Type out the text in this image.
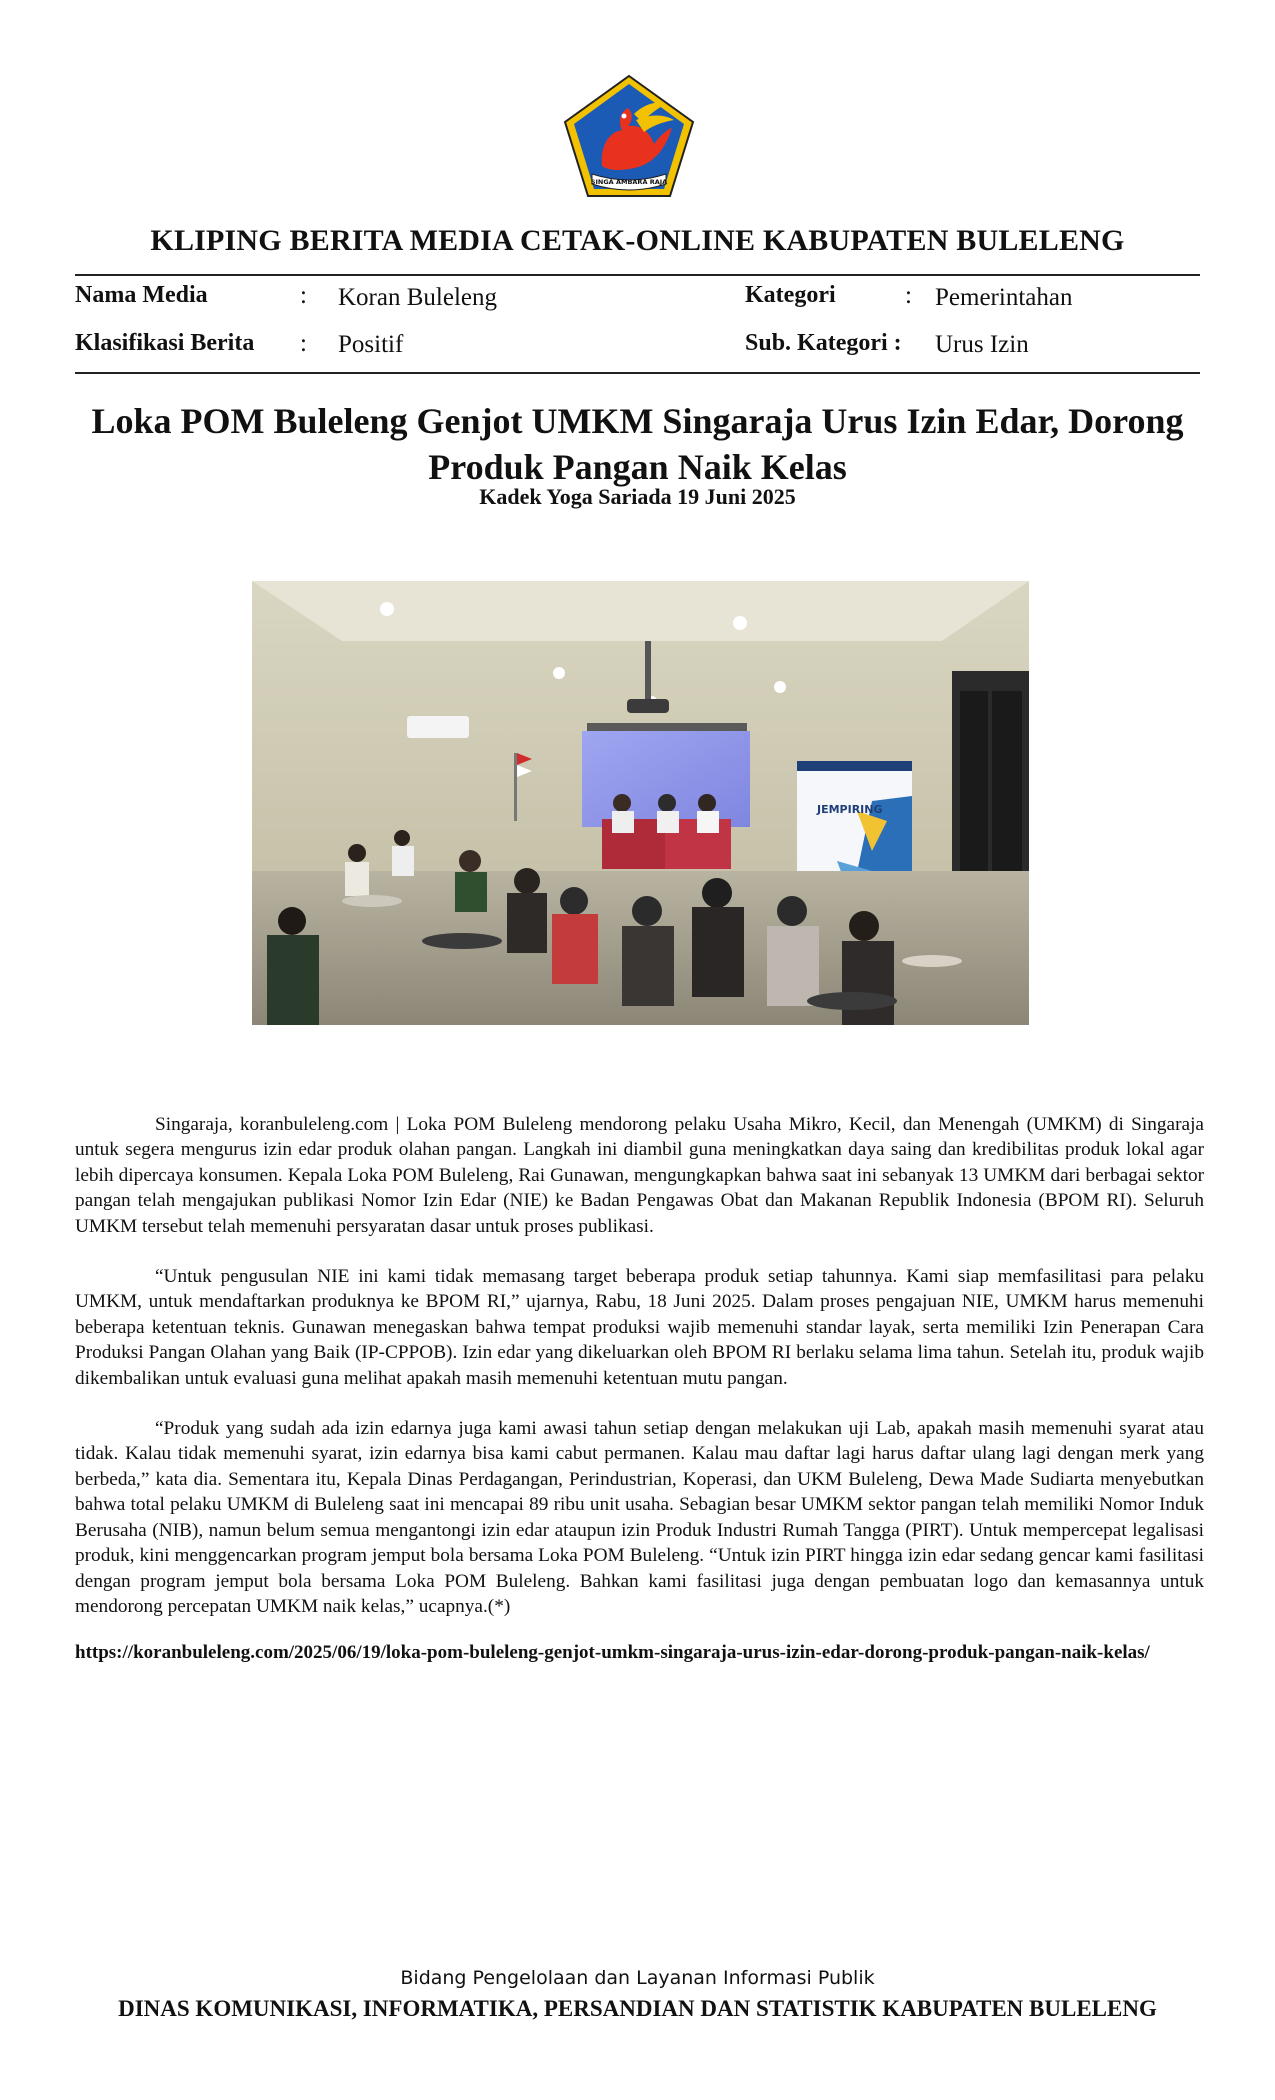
SINGA AMBARA RAJA
KLIPING BERITA MEDIA CETAK-ONLINE KABUPATEN BULELENG
Nama Media	: Koran Buleleng	Kategori	: Pemerintahan
Klasifikasi Berita : Positif	Sub. Kategori : Urus Izin
Loka POM Buleleng Genjot UMKM Singaraja Urus Izin Edar, Dorong
Produk Pangan Naik Kelas
Kadek Yoga Sariada 19 Juni 2025
JEMPIRING

Singaraja, koranbuleleng.com | Loka POM Buleleng mendorong pelaku Usaha Mikro, Kecil, dan Menengah (UMKM) di Singaraja untuk segera mengurus izin edar produk olahan pangan. Langkah ini diambil guna meningkatkan daya saing dan kredibilitas produk lokal agar lebih dipercaya konsumen. Kepala Loka POM Buleleng, Rai Gunawan, mengungkapkan bahwa saat ini sebanyak 13 UMKM dari berbagai sektor pangan telah mengajukan publikasi Nomor Izin Edar (NIE) ke Badan Pengawas Obat dan Makanan Republik Indonesia (BPOM RI). Seluruh UMKM tersebut telah memenuhi persyaratan dasar untuk proses publikasi.

“Untuk pengusulan NIE ini kami tidak memasang target beberapa produk setiap tahunnya. Kami siap memfasilitasi para pelaku UMKM, untuk mendaftarkan produknya ke BPOM RI,” ujarnya, Rabu, 18 Juni 2025. Dalam proses pengajuan NIE, UMKM harus memenuhi beberapa ketentuan teknis. Gunawan menegaskan bahwa tempat produksi wajib memenuhi standar layak, serta memiliki Izin Penerapan Cara Produksi Pangan Olahan yang Baik (IP-CPPOB). Izin edar yang dikeluarkan oleh BPOM RI berlaku selama lima tahun. Setelah itu, produk wajib dikembalikan untuk evaluasi guna melihat apakah masih memenuhi ketentuan mutu pangan.

“Produk yang sudah ada izin edarnya juga kami awasi tahun setiap dengan melakukan uji Lab, apakah masih memenuhi syarat atau tidak. Kalau tidak memenuhi syarat, izin edarnya bisa kami cabut permanen. Kalau mau daftar lagi harus daftar ulang lagi dengan merk yang berbeda,” kata dia. Sementara itu, Kepala Dinas Perdagangan, Perindustrian, Koperasi, dan UKM Buleleng, Dewa Made Sudiarta menyebutkan bahwa total pelaku UMKM di Buleleng saat ini mencapai 89 ribu unit usaha. Sebagian besar UMKM sektor pangan telah memiliki Nomor Induk Berusaha (NIB), namun belum semua mengantongi izin edar ataupun izin Produk Industri Rumah Tangga (PIRT). Untuk mempercepat legalisasi produk, kini menggencarkan program jemput bola bersama Loka POM Buleleng. “Untuk izin PIRT hingga izin edar sedang gencar kami fasilitasi dengan program jemput bola bersama Loka POM Buleleng. Bahkan kami fasilitasi juga dengan pembuatan logo dan kemasannya untuk mendorong percepatan UMKM naik kelas,” ucapnya.(*)

https://koranbuleleng.com/2025/06/19/loka-pom-buleleng-genjot-umkm-singaraja-urus-izin-edar-dorong-produk-pangan-naik-kelas/
Bidang Pengelolaan dan Layanan Informasi Publik
DINAS KOMUNIKASI, INFORMATIKA, PERSANDIAN DAN STATISTIK KABUPATEN BULELENG
